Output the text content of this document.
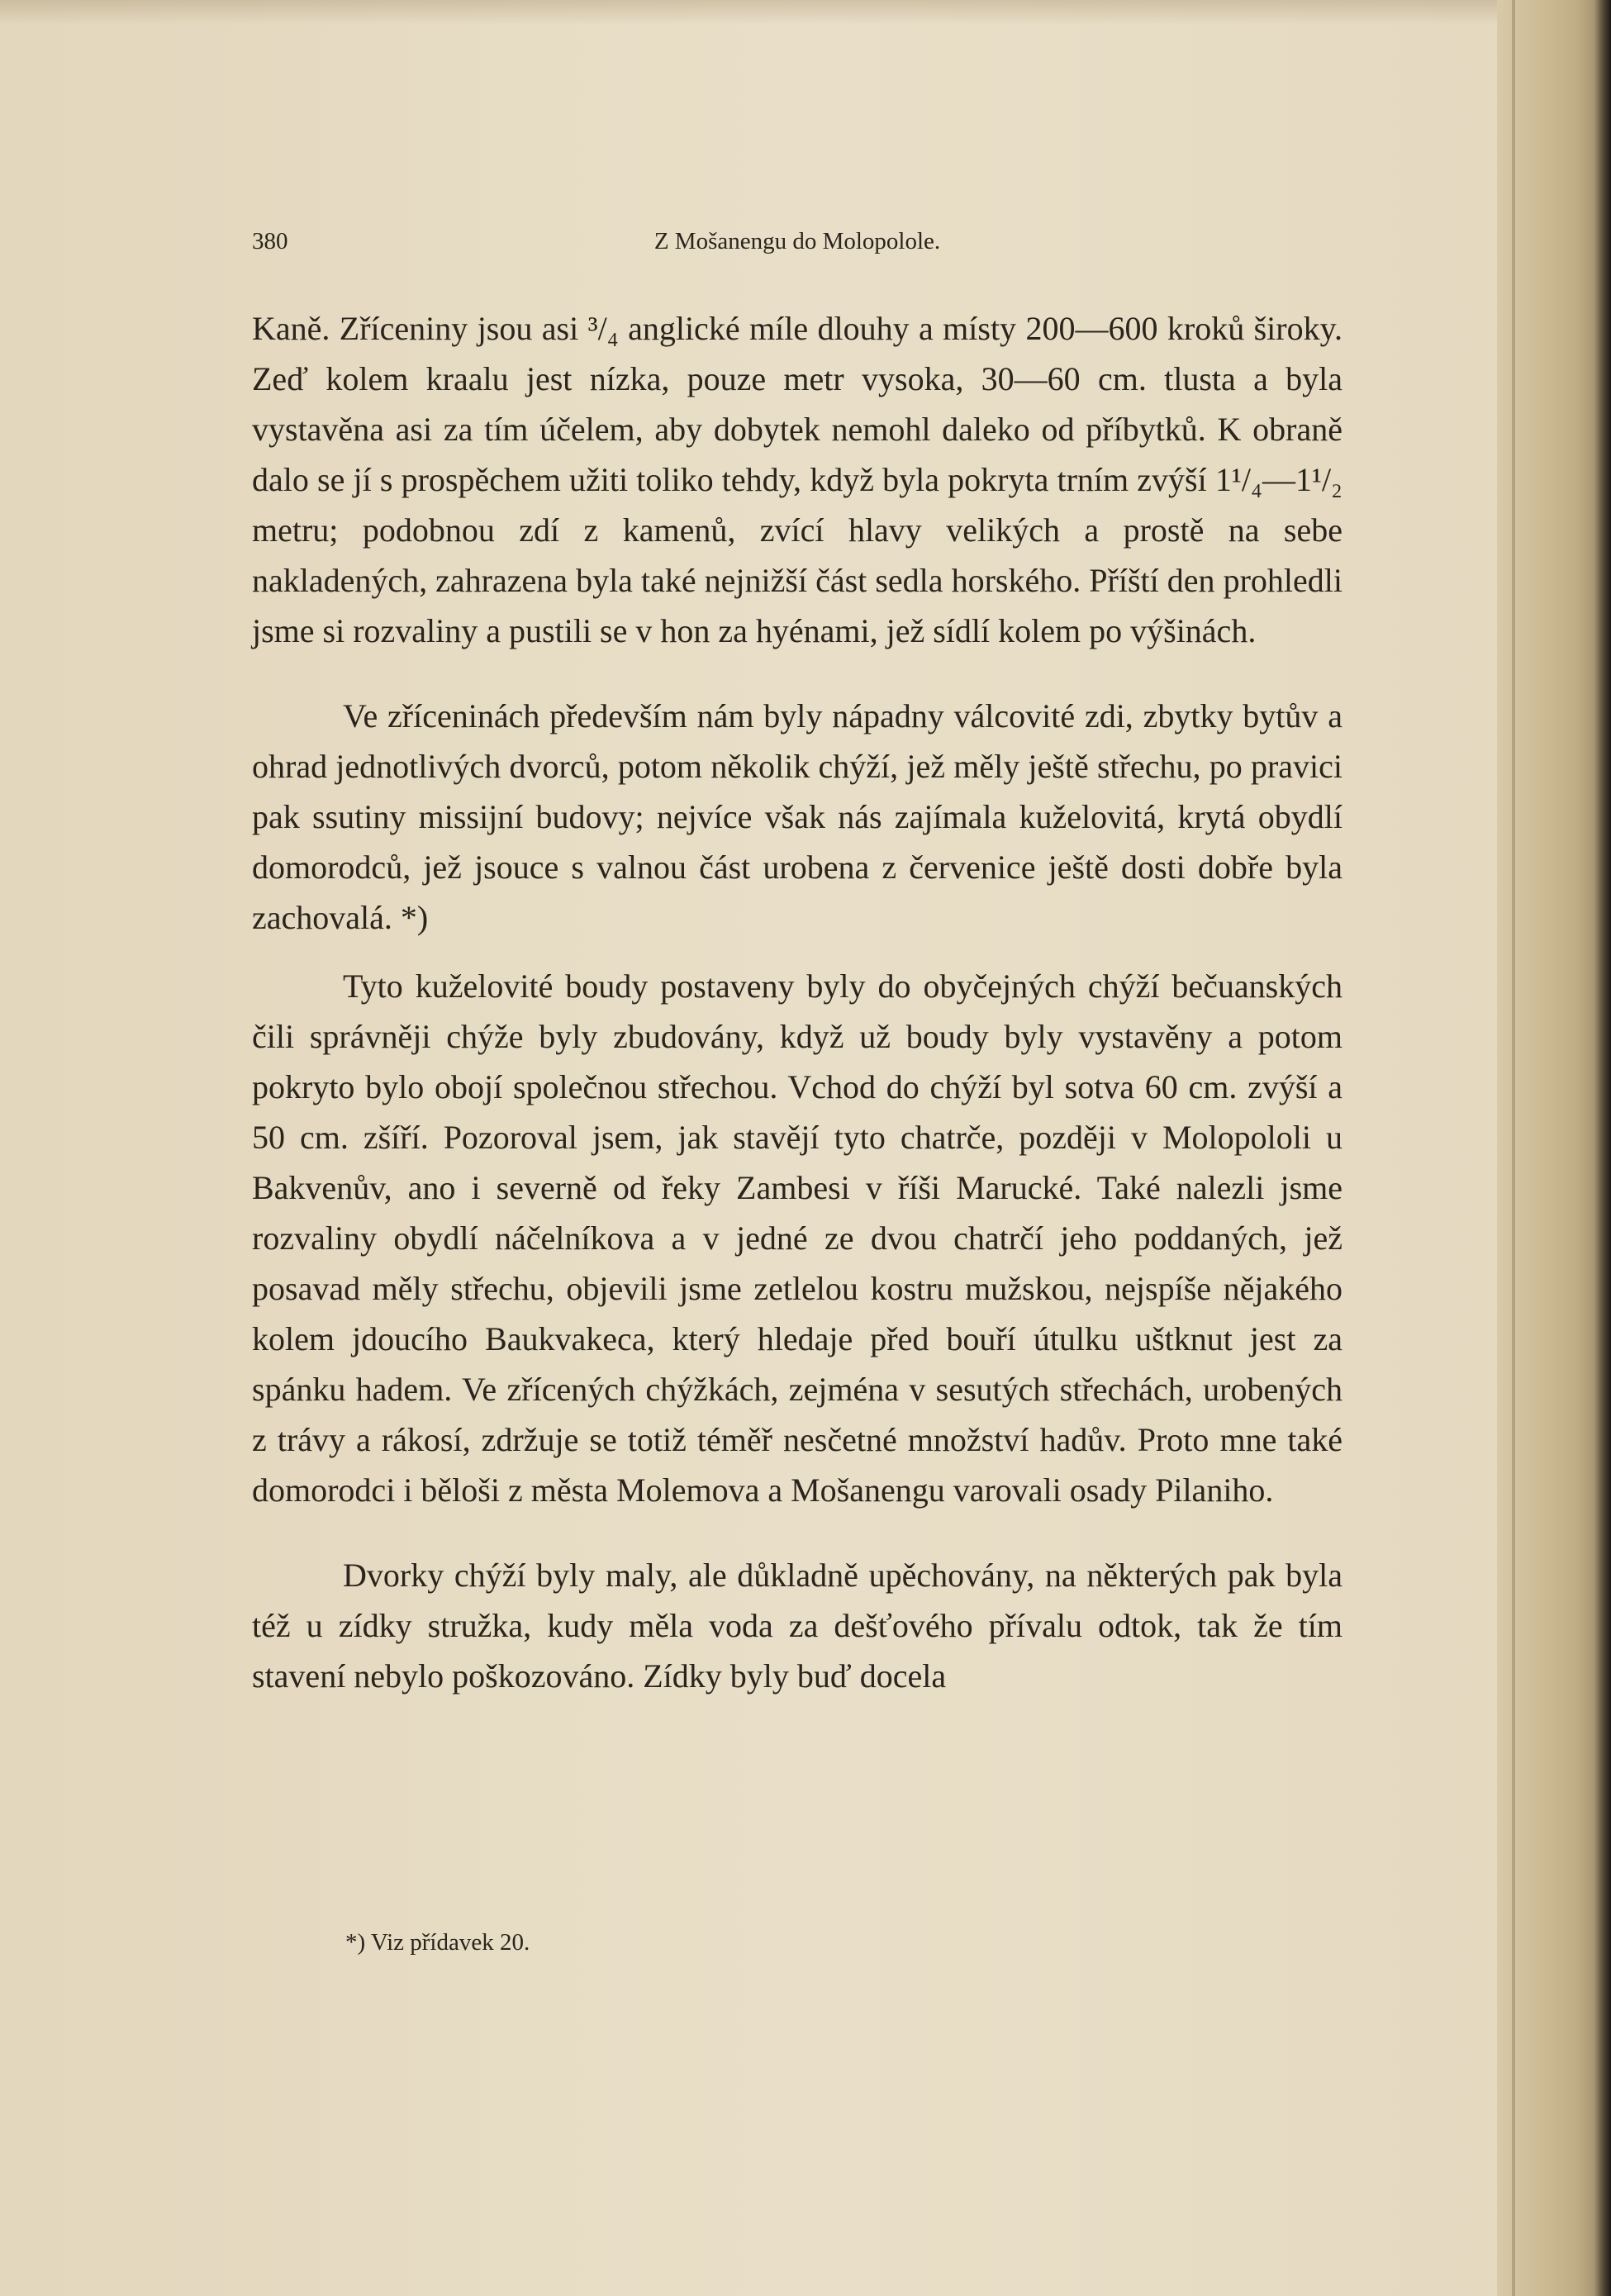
380	Z Mošanengu do Molopolole.

Kaně. Zříceniny jsou asi ³/₄ anglické míle dlouhy a místy 200—600 kroků široky. Zeď kolem kraalu jest nízka, pouze metr vysoka, 30—60 cm. tlusta a byla vystavěna asi za tím účelem, aby dobytek nemohl daleko od příbytků. K obraně dalo se jí s prospěchem užiti toliko tehdy, když byla pokryta trním zvýší 1¹/₄—1¹/₂ metru; podobnou zdí z kamenů, zvící hlavy velikých a prostě na sebe nakladených, zahrazena byla také nejnižší část sedla horského. Příští den prohledli jsme si rozvaliny a pustili se v hon za hyénami, jež sídlí kolem po výšinách.

Ve zříceninách především nám byly nápadny válcovité zdi, zbytky bytův a ohrad jednotlivých dvorců, potom několik chýží, jež měly ještě střechu, po pravici pak ssutiny missijní budovy; nejvíce však nás zajímala kuželovitá, krytá obydlí domorodců, jež jsouce s valnou část urobena z červenice ještě dosti dobře byla zachovalá. *)

Tyto kuželovité boudy postaveny byly do obyčejných chýží bečuanských čili správněji chýže byly zbudovány, když už boudy byly vystavěny a potom pokryto bylo obojí společnou střechou. Vchod do chýží byl sotva 60 cm. zvýší a 50 cm. zšíří. Pozoroval jsem, jak stavějí tyto chatrče, později v Molopololi u Bakvenův, ano i severně od řeky Zambesi v říši Marucké. Také nalezli jsme rozvaliny obydlí náčelníkova a v jedné ze dvou chatrčí jeho poddaných, jež posavad měly střechu, objevili jsme zetlelou kostru mužskou, nejspíše nějakého kolem jdoucího Baukvakeca, který hledaje před bouří útulku uštknut jest za spánku hadem. Ve zřícených chýžkách, zejména v sesutých střechách, urobených z trávy a rákosí, zdržuje se totiž téměř nesčetné množství hadův. Proto mne také domorodci i běloši z města Molemova a Mošanengu varovali osady Pilaniho.

Dvorky chýží byly maly, ale důkladně upěchovány, na některých pak byla též u zídky stružka, kudy měla voda za dešťového přívalu odtok, tak že tím stavení nebylo poškozováno. Zídky byly buď docela

*) Viz přídavek 20.
